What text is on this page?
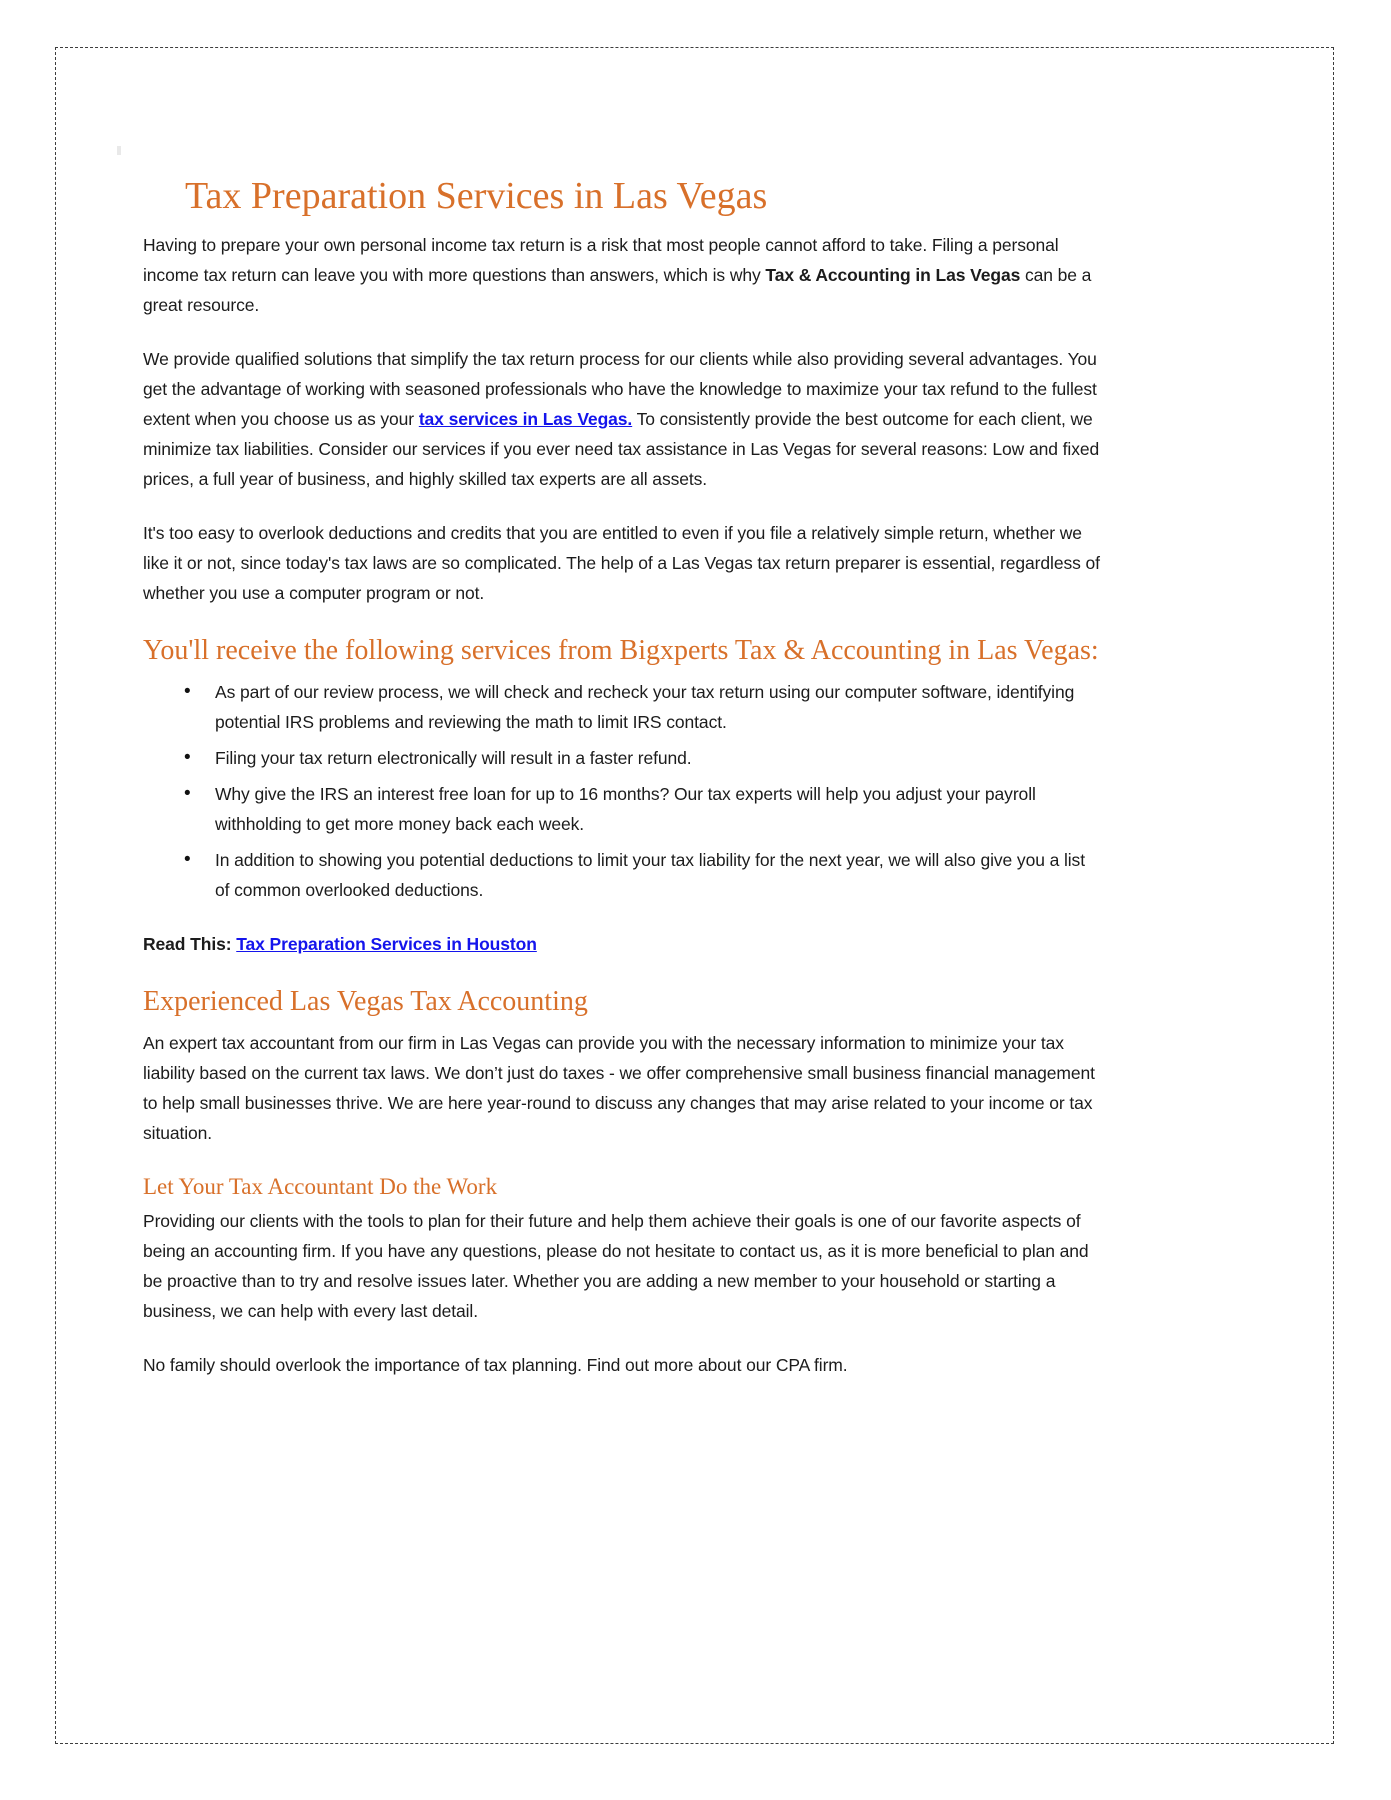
Tax Preparation Services in Las Vegas

Having to prepare your own personal income tax return is a risk that most people cannot afford to take. Filing a personal income tax return can leave you with more questions than answers, which is why Tax & Accounting in Las Vegas can be a great resource.

We provide qualified solutions that simplify the tax return process for our clients while also providing several advantages. You get the advantage of working with seasoned professionals who have the knowledge to maximize your tax refund to the fullest extent when you choose us as your tax services in Las Vegas. To consistently provide the best outcome for each client, we minimize tax liabilities. Consider our services if you ever need tax assistance in Las Vegas for several reasons: Low and fixed prices, a full year of business, and highly skilled tax experts are all assets.

It's too easy to overlook deductions and credits that you are entitled to even if you file a relatively simple return, whether we like it or not, since today's tax laws are so complicated. The help of a Las Vegas tax return preparer is essential, regardless of whether you use a computer program or not.

You'll receive the following services from Bigxperts Tax & Accounting in Las Vegas:
• As part of our review process, we will check and recheck your tax return using our computer software, identifying potential IRS problems and reviewing the math to limit IRS contact.
• Filing your tax return electronically will result in a faster refund.
• Why give the IRS an interest free loan for up to 16 months? Our tax experts will help you adjust your payroll withholding to get more money back each week.
• In addition to showing you potential deductions to limit your tax liability for the next year, we will also give you a list of common overlooked deductions.

Read This: Tax Preparation Services in Houston

Experienced Las Vegas Tax Accounting

An expert tax accountant from our firm in Las Vegas can provide you with the necessary information to minimize your tax liability based on the current tax laws. We don’t just do taxes - we offer comprehensive small business financial management to help small businesses thrive. We are here year-round to discuss any changes that may arise related to your income or tax situation.

Let Your Tax Accountant Do the Work

Providing our clients with the tools to plan for their future and help them achieve their goals is one of our favorite aspects of being an accounting firm. If you have any questions, please do not hesitate to contact us, as it is more beneficial to plan and be proactive than to try and resolve issues later. Whether you are adding a new member to your household or starting a business, we can help with every last detail.

No family should overlook the importance of tax planning. Find out more about our CPA firm.
